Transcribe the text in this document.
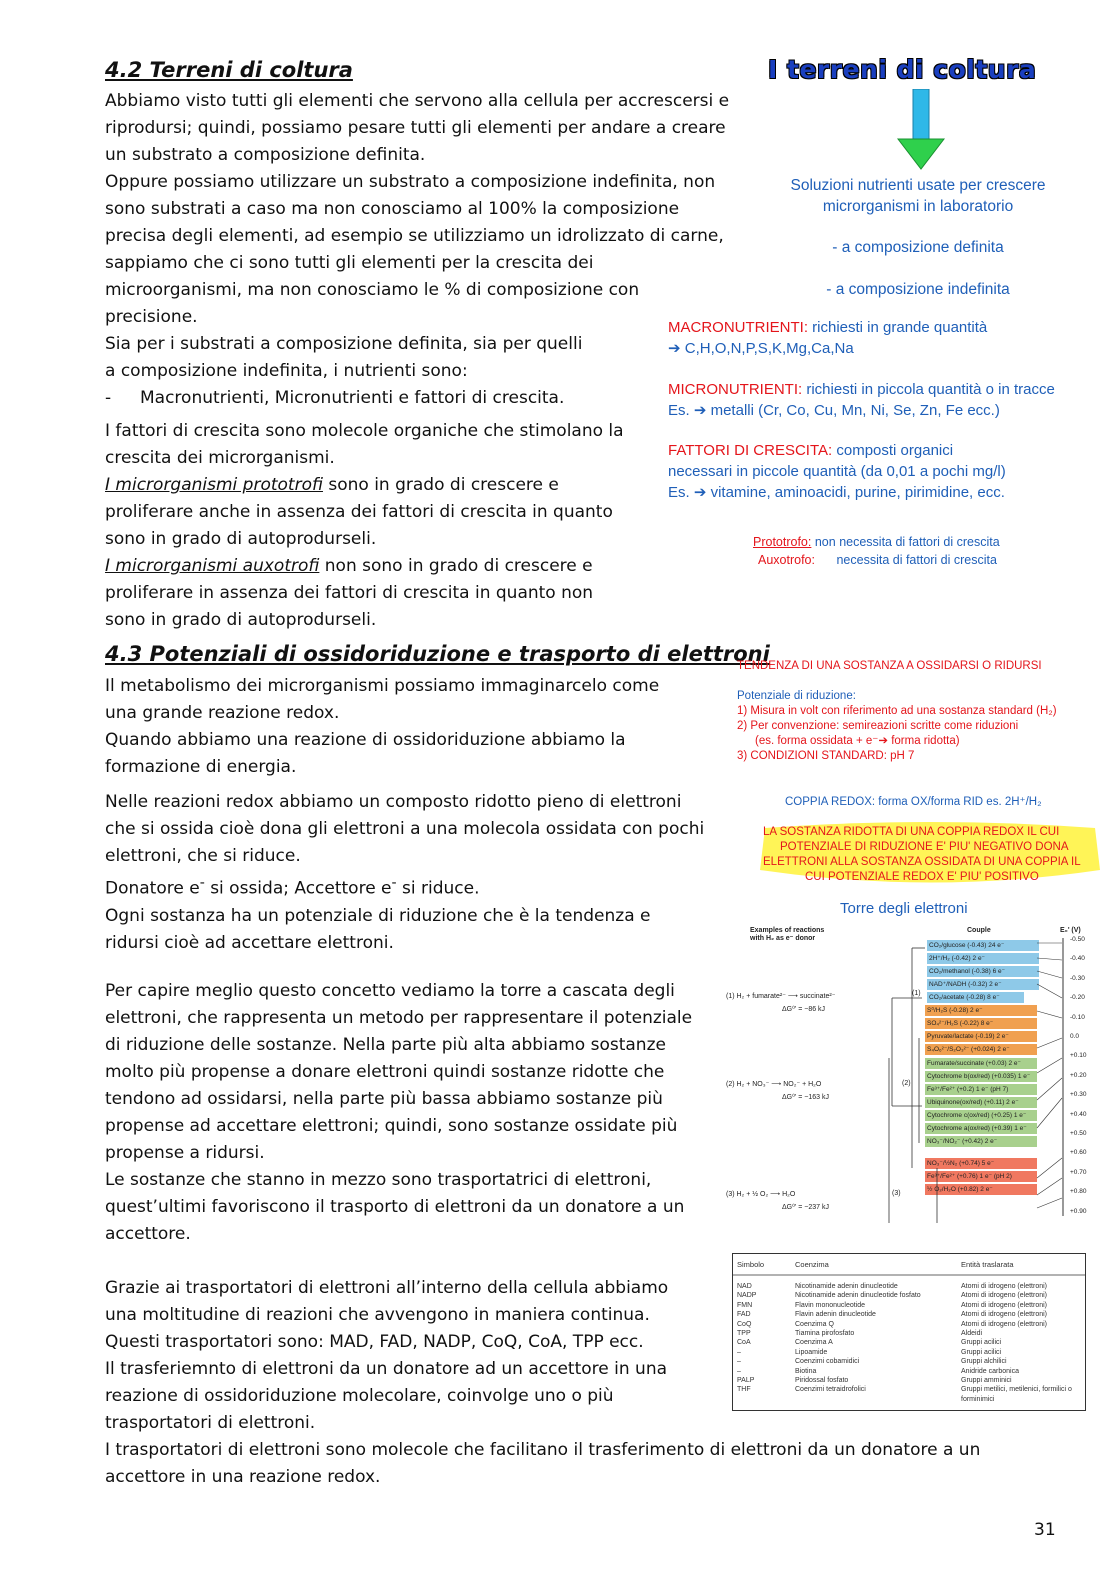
4.2 Terreni di coltura

Abbiamo visto tutti gli elementi che servono alla cellula per accrescersi e riprodursi; quindi, possiamo pesare tutti gli elementi per andare a creare un substrato a composizione definita.

Oppure possiamo utilizzare un substrato a composizione indefinita, non sono substrati a caso ma non conosciamo al 100% la composizione precisa degli elementi, ad esempio se utilizziamo un idrolizzato di carne, sappiamo che ci sono tutti gli elementi per la crescita dei microorganismi, ma non conosciamo le % di composizione con precisione.

Sia per i substrati a composizione definita, sia per quelli a composizione indefinita, i nutrienti sono:

-	Macronutrienti, Micronutrienti e fattori di crescita.

I fattori di crescita sono molecole organiche che stimolano la crescita dei microrganismi.

I microrganismi prototrofi sono in grado di crescere e proliferare anche in assenza dei fattori di crescita in quanto sono in grado di autoprodurseli.

I microrganismi auxotrofi non sono in grado di crescere e proliferare in assenza dei fattori di crescita in quanto non sono in grado di autoprodurseli.

I terreni di coltura
Soluzioni nutrienti usate per crescere microrganismi in laboratorio
- a composizione definita
- a composizione indefinita
MACRONUTRIENTI: richiesti in grande quantità
➔ C,H,O,N,P,S,K,Mg,Ca,Na
MICRONUTRIENTI: richiesti in piccola quantità o in tracce
Es. ➔ metalli (Cr, Co, Cu, Mn, Ni, Se, Zn, Fe ecc.)
FATTORI DI CRESCITA: composti organici
necessari in piccole quantità (da 0,01 a pochi mg/l)
Es. ➔ vitamine, aminoacidi, purine, pirimidine, ecc.
Prototrofo: non necessita di fattori di crescita
Auxotrofo: necessita di fattori di crescita
4.3 Potenziali di ossidoriduzione e trasporto di elettroni

Il metabolismo dei microrganismi possiamo immaginarcelo come una grande reazione redox.

Quando abbiamo una reazione di ossidoriduzione abbiamo la formazione di energia.

Nelle reazioni redox abbiamo un composto ridotto pieno di elettroni che si ossida cioè dona gli elettroni a una molecola ossidata con pochi elettroni, che si riduce.

Donatore e- si ossida; Accettore e- si riduce.

Ogni sostanza ha un potenziale di riduzione che è la tendenza e ridursi cioè ad accettare elettroni.

Per capire meglio questo concetto vediamo la torre a cascata degli elettroni, che rappresenta un metodo per rappresentare il potenziale di riduzione delle sostanze. Nella parte più alta abbiamo sostanze molto più propense a donare elettroni quindi sostanze ridotte che tendono ad ossidarsi, nella parte più bassa abbiamo sostanze più propense ad accettare elettroni; quindi, sono sostanze ossidate più propense a ridursi.

Le sostanze che stanno in mezzo sono trasportatrici di elettroni, quest’ultimi favoriscono il trasporto di elettroni da un donatore a un accettore.

Grazie ai trasportatori di elettroni all’interno della cellula abbiamo una moltitudine di reazioni che avvengono in maniera continua.

Questi trasportatori sono: MAD, FAD, NADP, CoQ, CoA, TPP ecc.

Il trasferiemnto di elettroni da un donatore ad un accettore in una reazione di ossidoriduzione molecolare, coinvolge uno o più trasportatori di elettroni.

I trasportatori di elettroni sono molecole che facilitano il trasferimento di elettroni da un donatore a un accettore in una reazione redox.

TENDENZA DI UNA SOSTANZA A OSSIDARSI O RIDURSI
Potenziale di riduzione:
1) Misura in volt con riferimento ad una sostanza standard (H₂)
2) Per convenzione: semireazioni scritte come riduzioni
(es. forma ossidata + e⁻➔ forma ridotta)
3) CONDIZIONI STANDARD: pH 7
COPPIA REDOX: forma OX/forma RID es. 2H⁺/H₂
LA SOSTANZA RIDOTTA DI UNA COPPIA REDOX IL CUI
POTENZIALE DI RIDUZIONE E' PIU' NEGATIVO DONA
ELETTRONI ALLA SOSTANZA OSSIDATA DI UNA COPPIA IL
CUI POTENZIALE REDOX E' PIU' POSITIVO
Torre degli elettroni
Examples of reactions with H₂ as e⁻ donor
Couple	E₀' (V)
CO₂/glucose (-0.43) 24 e⁻
2H⁺/H₂ (-0.42) 2 e⁻
CO₂/methanol (-0.38) 6 e⁻
NAD⁺/NADH (-0.32) 2 e⁻
CO₂/acetate (-0.28) 8 e⁻
S⁰/H₂S (-0.28) 2 e⁻
SO₄²⁻/H₂S (-0.22) 8 e⁻
Pyruvate/lactate (-0.19) 2 e⁻
S₄O₆²⁻/S₂O₃²⁻ (+0.024) 2 e⁻
Fumarate/succinate (+0.03) 2 e⁻
Cytochrome b(ox/red) (+0.035) 1 e⁻
Fe³⁺/Fe²⁺ (+0.2) 1 e⁻ (pH 7)
Ubiquinone(ox/red) (+0.11) 2 e⁻
Cytochrome c(ox/red) (+0.25) 1 e⁻
Cytochrome a(ox/red) (+0.39) 1 e⁻
NO₃⁻/NO₂⁻ (+0.42) 2 e⁻
NO₃⁻/½N₂ (+0.74) 5 e⁻
Fe³⁺/Fe²⁺ (+0.76) 1 e⁻ (pH 2)
½ O₂/H₂O (+0.82) 2 e⁻
-0.50
-0.40
-0.30
-0.20
-0.10
0.0
+0.10
+0.20
+0.30
+0.40
+0.50
+0.60
+0.70
+0.80
+0.90
(1) H₂ + fumarate²⁻ ⟶ succinate²⁻
ΔG⁰' = −86 kJ
(2) H₂ + NO₃⁻ ⟶ NO₂⁻ + H₂O
ΔG⁰' = −163 kJ
(3) H₂ + ½ O₂ ⟶ H₂O
ΔG⁰' = −237 kJ
(1)
(2)
(3)
Simbolo	Coenzima	Entità traslarata
NAD	Nicotinamide adenin dinucleotide	Atomi di idrogeno (elettroni)
NADP	Nicotinamide adenin dinucleotide fosfato	Atomi di idrogeno (elettroni)
FMN	Flavin mononucleotide	Atomi di idrogeno (elettroni)
FAD	Flavin adenin dinucleotide	Atomi di idrogeno (elettroni)
CoQ	Coenzima Q	Atomi di idrogeno (elettroni)
TPP	Tiamina pirofosfato	Aldeidi
CoA	Coenzima A	Gruppi acilici
–	Lipoamide	Gruppi acilici
–	Coenzimi cobamidici	Gruppi alchilici
–	Biotina	Anidride carbonica
PALP	Piridossal fosfato	Gruppi amminici
THF	Coenzimi tetraidrofolici	Gruppi metilici, metilenici, formilici o forminimici
31
